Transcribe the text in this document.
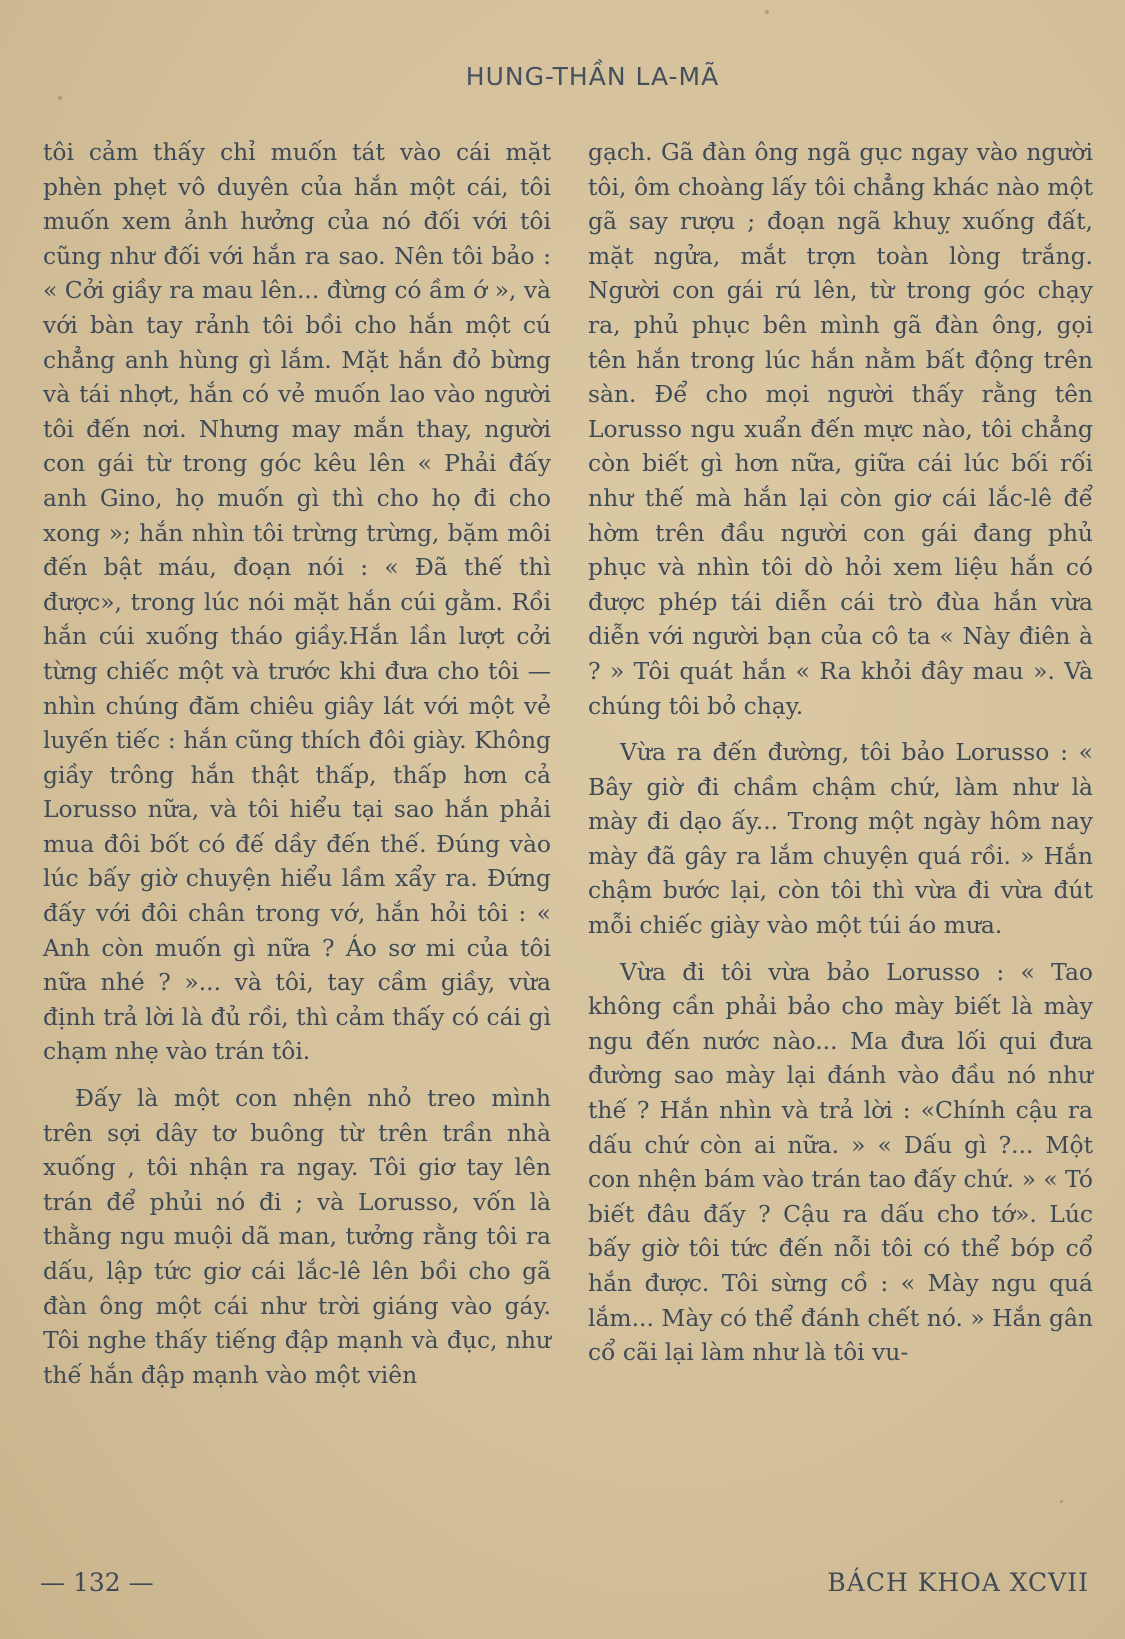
HUNG-THẦN LA-MÃ

tôi cảm thấy chỉ muốn tát vào cái mặt phèn phẹt vô duyên của hắn một cái, tôi muốn xem ảnh hưởng của nó đối với tôi cũng như đối với hắn ra sao. Nên tôi bảo : « Cởi giầy ra mau lên... đừng có ầm ớ », và với bàn tay rảnh tôi bồi cho hắn một cú chẳng anh hùng gì lắm. Mặt hắn đỏ bừng và tái nhợt, hắn có vẻ muốn lao vào người tôi đến nơi. Nhưng may mắn thay, người con gái từ trong góc kêu lên « Phải đấy anh Gino, họ muốn gì thì cho họ đi cho xong »; hắn nhìn tôi trừng trừng, bặm môi đến bật máu, đoạn nói : « Đã thế thì được», trong lúc nói mặt hắn cúi gằm. Rồi hắn cúi xuống tháo giầy.Hắn lần lượt cởi từng chiếc một và trước khi đưa cho tôi — nhìn chúng đăm chiêu giây lát với một vẻ luyến tiếc : hắn cũng thích đôi giày. Không giầy trông hắn thật thấp, thấp hơn cả Lorusso nữa, và tôi hiểu tại sao hắn phải mua đôi bốt có đế dầy đến thế. Đúng vào lúc bấy giờ chuyện hiểu lầm xẩy ra. Đứng đấy với đôi chân trong vớ, hắn hỏi tôi : « Anh còn muốn gì nữa ? Áo sơ mi của tôi nữa nhé ? »... và tôi, tay cầm giầy, vừa định trả lời là đủ rồi, thì cảm thấy có cái gì chạm nhẹ vào trán tôi.

Đấy là một con nhện nhỏ treo mình trên sợi dây tơ buông từ trên trần nhà xuống , tôi nhận ra ngay. Tôi giơ tay lên trán để phủi nó đi ; và Lorusso, vốn là thằng ngu muội dã man, tưởng rằng tôi ra dấu, lập tức giơ cái lắc-lê lên bồi cho gã đàn ông một cái như trời giáng vào gáy. Tôi nghe thấy tiếng đập mạnh và đục, như thế hắn đập mạnh vào một viên

gạch. Gã đàn ông ngã gục ngay vào người tôi, ôm choàng lấy tôi chẳng khác nào một gã say rượu ; đoạn ngã khuỵ xuống đất, mặt ngửa, mắt trợn toàn lòng trắng. Người con gái rú lên, từ trong góc chạy ra, phủ phục bên mình gã đàn ông, gọi tên hắn trong lúc hắn nằm bất động trên sàn. Để cho mọi người thấy rằng tên Lorusso ngu xuẩn đến mực nào, tôi chẳng còn biết gì hơn nữa, giữa cái lúc bối rối như thế mà hắn lại còn giơ cái lắc-lê để hờm trên đầu người con gái đang phủ phục và nhìn tôi dò hỏi xem liệu hắn có được phép tái diễn cái trò đùa hắn vừa diễn với người bạn của cô ta « Này điên à ? » Tôi quát hắn « Ra khỏi đây mau ». Và chúng tôi bỏ chạy.

Vừa ra đến đường, tôi bảo Lorusso : « Bây giờ đi chầm chậm chứ, làm như là mày đi dạo ấy... Trong một ngày hôm nay mày đã gây ra lắm chuyện quá rồi. » Hắn chậm bước lại, còn tôi thì vừa đi vừa đút mỗi chiếc giày vào một túi áo mưa.

Vừa đi tôi vừa bảo Lorusso : « Tao không cần phải bảo cho mày biết là mày ngu đến nước nào... Ma đưa lối qui đưa đường sao mày lại đánh vào đầu nó như thế ? Hắn nhìn và trả lời : «Chính cậu ra dấu chứ còn ai nữa. » « Dấu gì ?... Một con nhện bám vào trán tao đấy chứ. » « Tó biết đâu đấy ? Cậu ra dấu cho tớ». Lúc bấy giờ tôi tức đến nỗi tôi có thể bóp cổ hắn được. Tôi sừng cồ : « Mày ngu quá lắm... Mày có thể đánh chết nó. » Hắn gân cổ cãi lại làm như là tôi vu-

— 132 —	BÁCH KHOA XCVII
